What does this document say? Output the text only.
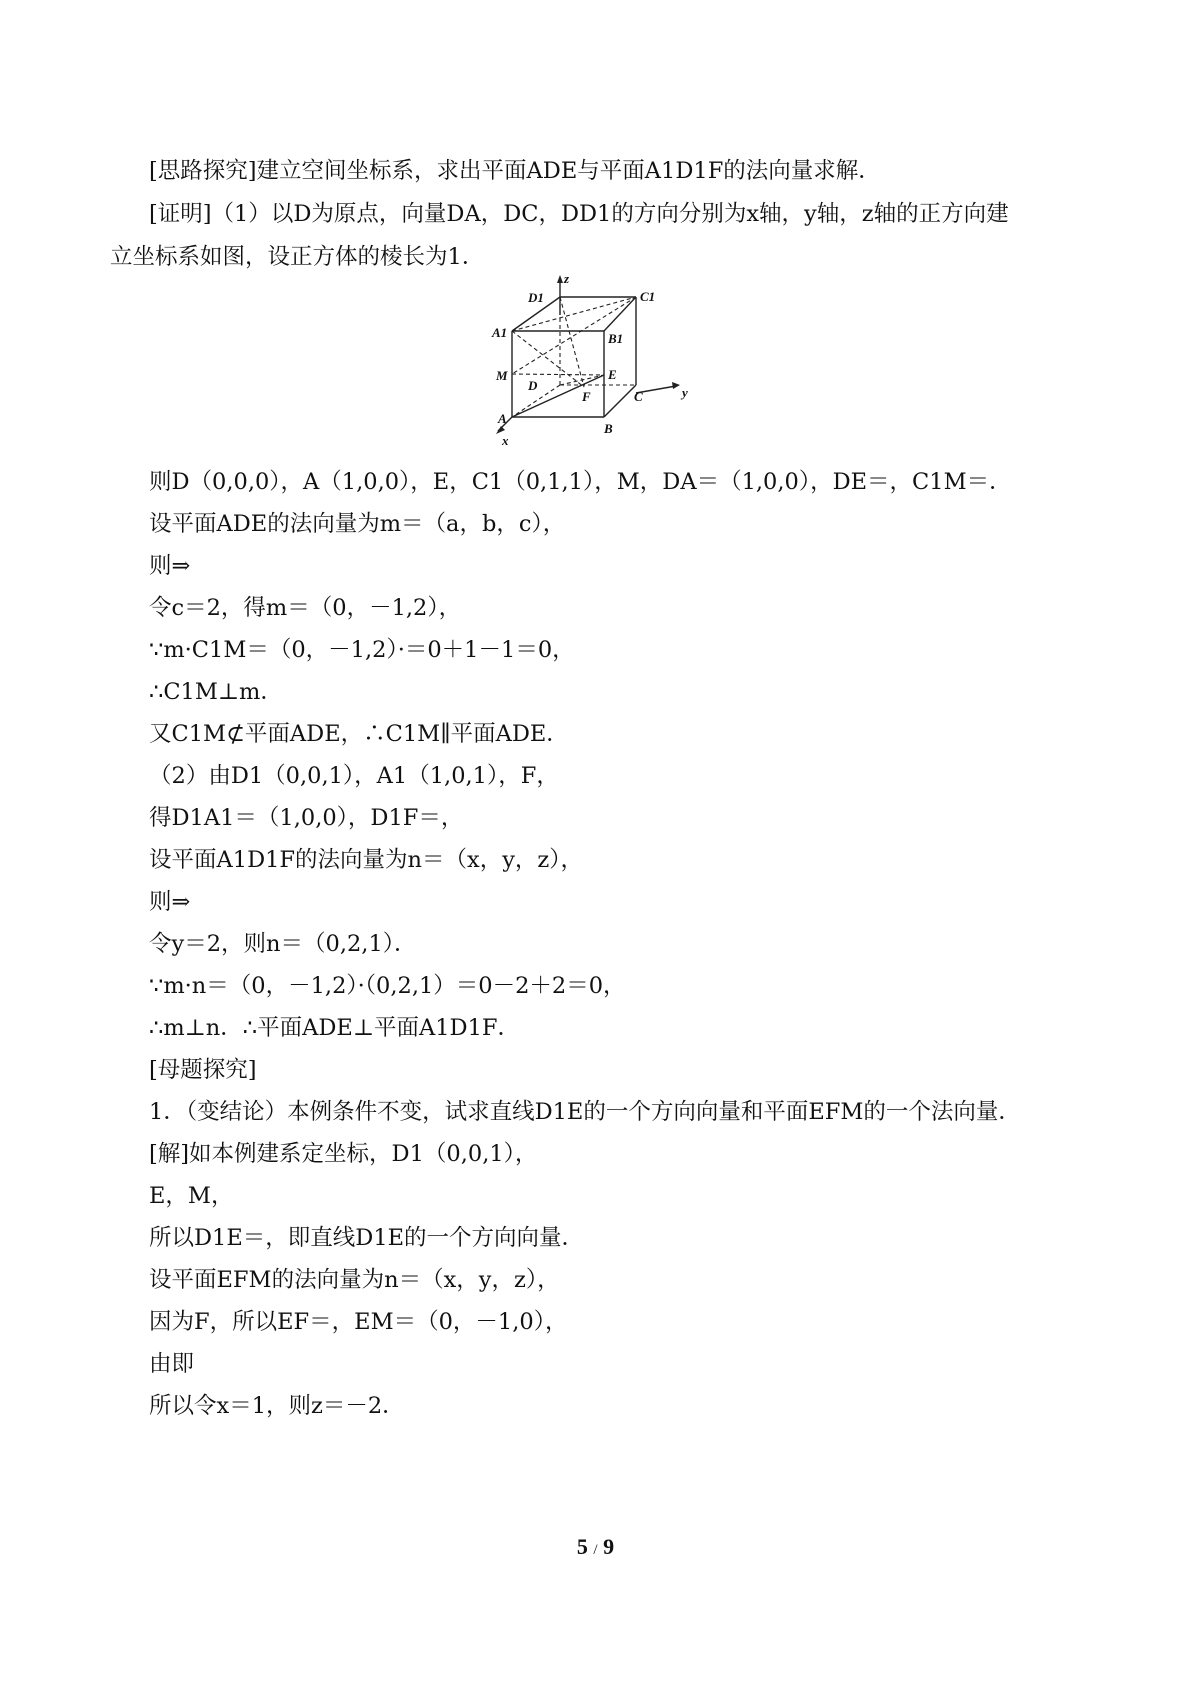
[思路探究]建立空间坐标系，求出平面ADE与平面A1D1F的法向量求解．
[证明]（1）以D为原点，向量DA，DC，DD1的方向分别为x轴，y轴，z轴的正方向建
立坐标系如图，设正方体的棱长为1．
z
x
y
D1	C1
A1	B1
M
D
E
F
A
B
C
则D（0,0,0），A（1,0,0），E，C1（0,1,1），M，DA＝（1,0,0），DE＝，C1M＝．
设平面ADE的法向量为m＝（a，b，c），
则⇒
令c＝2，得m＝（0，－1,2），
∵m·C1M＝（0，－1,2）·＝0＋1－1＝0，
∴C1M⊥m．
又C1M⊄平面ADE，∴C1M∥平面ADE．
（2）由D1（0,0,1），A1（1,0,1），F，
得D1A1＝（1,0,0），D1F＝，
设平面A1D1F的法向量为n＝（x，y，z），
则⇒
令y＝2，则n＝（0,2,1）．
∵m·n＝（0，－1,2）·（0,2,1）＝0－2＋2＝0，
∴m⊥n．∴平面ADE⊥平面A1D1F．
[母题探究]
1．（变结论）本例条件不变，试求直线D1E的一个方向向量和平面EFM的一个法向量．
[解]如本例建系定坐标，D1（0,0,1），
E，M，
所以D1E＝，即直线D1E的一个方向向量．
设平面EFM的法向量为n＝（x，y，z），
因为F，所以EF＝，EM＝（0，－1,0），
由即
所以令x＝1，则z＝－2．
5 / 9
